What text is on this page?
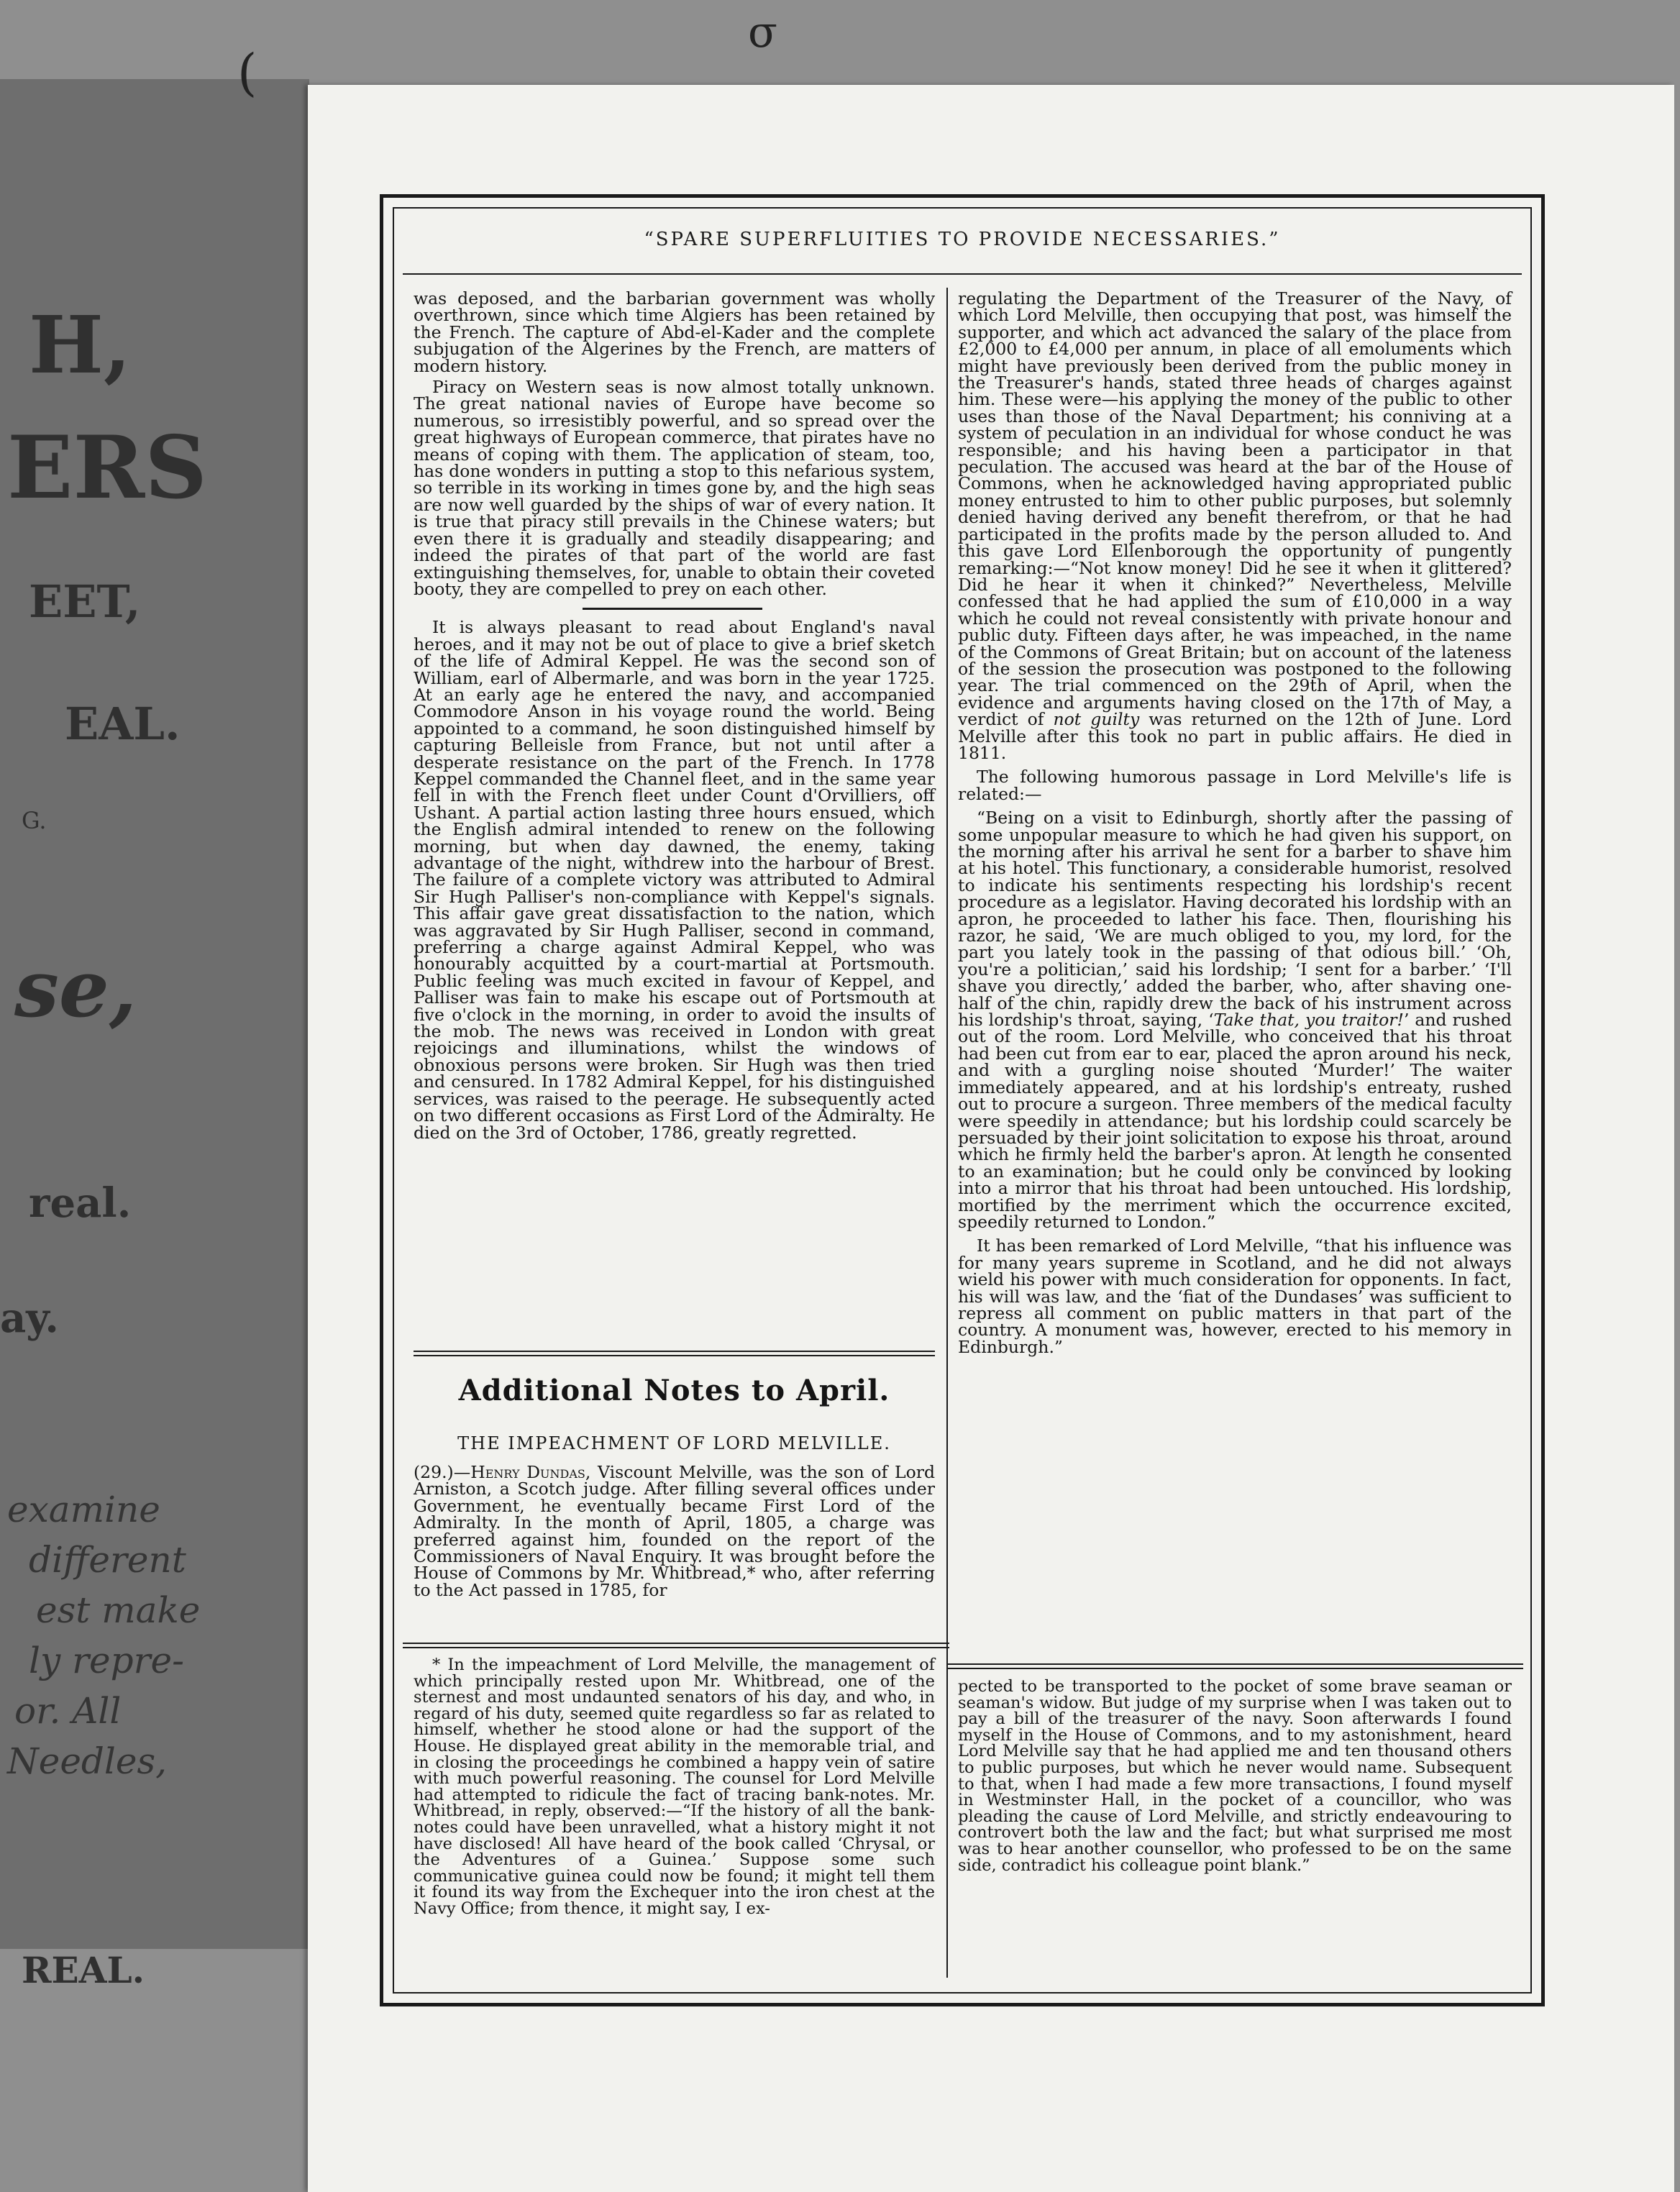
H,
ERS
EET,
EAL.
G.
se,
real.
ay.
examine
different
est make
ly repre-
or. All
Needles,
REAL.
σ
(
“SPARE SUPERFLUITIES TO PROVIDE NECESSARIES.”

was deposed, and the barbarian government was wholly overthrown, since which time Algiers has been retained by the French. The capture of Abd-el-Kader and the complete subjugation of the Algerines by the French, are matters of modern history.

Piracy on Western seas is now almost totally unknown. The great national navies of Europe have become so numerous, so irresistibly powerful, and so spread over the great highways of European commerce, that pirates have no means of coping with them. The application of steam, too, has done wonders in putting a stop to this nefarious system, so terrible in its working in times gone by, and the high seas are now well guarded by the ships of war of every nation. It is true that piracy still prevails in the Chinese waters; but even there it is gradually and steadily disappearing; and indeed the pirates of that part of the world are fast extinguishing themselves, for, unable to obtain their coveted booty, they are compelled to prey on each other.

It is always pleasant to read about England's naval heroes, and it may not be out of place to give a brief sketch of the life of Admiral Keppel. He was the second son of William, earl of Albermarle, and was born in the year 1725. At an early age he entered the navy, and accompanied Commodore Anson in his voyage round the world. Being appointed to a command, he soon distinguished himself by capturing Belleisle from France, but not until after a desperate resistance on the part of the French. In 1778 Keppel commanded the Channel fleet, and in the same year fell in with the French fleet under Count d'Orvilliers, off Ushant. A partial action lasting three hours ensued, which the English admiral intended to renew on the following morning, but when day dawned, the enemy, taking advantage of the night, withdrew into the harbour of Brest. The failure of a complete victory was attributed to Admiral Sir Hugh Palliser's non-compliance with Keppel's signals. This affair gave great dissatisfaction to the nation, which was aggravated by Sir Hugh Palliser, second in command, preferring a charge against Admiral Keppel, who was honourably acquitted by a court-martial at Portsmouth. Public feeling was much excited in favour of Keppel, and Palliser was fain to make his escape out of Portsmouth at five o'clock in the morning, in order to avoid the insults of the mob. The news was received in London with great rejoicings and illuminations, whilst the windows of obnoxious persons were broken. Sir Hugh was then tried and censured. In 1782 Admiral Keppel, for his distinguished services, was raised to the peerage. He subsequently acted on two different occasions as First Lord of the Admiralty. He died on the 3rd of October, 1786, greatly regretted.

Additional Notes to April.
THE IMPEACHMENT OF LORD MELVILLE.

(29.)—Henry Dundas, Viscount Melville, was the son of Lord Arniston, a Scotch judge. After filling several offices under Government, he eventually became First Lord of the Admiralty. In the month of April, 1805, a charge was preferred against him, founded on the report of the Commissioners of Naval Enquiry. It was brought before the House of Commons by Mr. Whitbread,* who, after referring to the Act passed in 1785, for

regulating the Department of the Treasurer of the Navy, of which Lord Melville, then occupying that post, was himself the supporter, and which act advanced the salary of the place from £2,000 to £4,000 per annum, in place of all emoluments which might have previously been derived from the public money in the Treasurer's hands, stated three heads of charges against him. These were—his applying the money of the public to other uses than those of the Naval Department; his conniving at a system of peculation in an individual for whose conduct he was responsible; and his having been a participator in that peculation. The accused was heard at the bar of the House of Commons, when he acknowledged having appropriated public money entrusted to him to other public purposes, but solemnly denied having derived any benefit therefrom, or that he had participated in the profits made by the person alluded to. And this gave Lord Ellenborough the opportunity of pungently remarking:—“Not know money! Did he see it when it glittered? Did he hear it when it chinked?” Nevertheless, Melville confessed that he had applied the sum of £10,000 in a way which he could not reveal consistently with private honour and public duty. Fifteen days after, he was impeached, in the name of the Commons of Great Britain; but on account of the lateness of the session the prosecution was postponed to the following year. The trial commenced on the 29th of April, when the evidence and arguments having closed on the 17th of May, a verdict of not guilty was returned on the 12th of June. Lord Melville after this took no part in public affairs. He died in 1811.

The following humorous passage in Lord Melville's life is related:—

“Being on a visit to Edinburgh, shortly after the passing of some unpopular measure to which he had given his support, on the morning after his arrival he sent for a barber to shave him at his hotel. This functionary, a considerable humorist, resolved to indicate his sentiments respecting his lordship's recent procedure as a legislator. Having decorated his lordship with an apron, he proceeded to lather his face. Then, flourishing his razor, he said, ‘We are much obliged to you, my lord, for the part you lately took in the passing of that odious bill.’ ‘Oh, you're a politician,’ said his lordship; ‘I sent for a barber.’ ‘I'll shave you directly,’ added the barber, who, after shaving one-half of the chin, rapidly drew the back of his instrument across his lordship's throat, saying, ‘Take that, you traitor!’ and rushed out of the room. Lord Melville, who conceived that his throat had been cut from ear to ear, placed the apron around his neck, and with a gurgling noise shouted ‘Murder!’ The waiter immediately appeared, and at his lordship's entreaty, rushed out to procure a surgeon. Three members of the medical faculty were speedily in attendance; but his lordship could scarcely be persuaded by their joint solicitation to expose his throat, around which he firmly held the barber's apron. At length he consented to an examination; but he could only be convinced by looking into a mirror that his throat had been untouched. His lordship, mortified by the merriment which the occurrence excited, speedily returned to London.”

It has been remarked of Lord Melville, “that his influence was for many years supreme in Scotland, and he did not always wield his power with much consideration for opponents. In fact, his will was law, and the ‘fiat of the Dundases’ was sufficient to repress all comment on public matters in that part of the country. A monument was, however, erected to his memory in Edinburgh.”

* In the impeachment of Lord Melville, the management of which principally rested upon Mr. Whitbread, one of the sternest and most undaunted senators of his day, and who, in regard of his duty, seemed quite regardless so far as related to himself, whether he stood alone or had the support of the House. He displayed great ability in the memorable trial, and in closing the proceedings he combined a happy vein of satire with much powerful reasoning. The counsel for Lord Melville had attempted to ridicule the fact of tracing bank-notes. Mr. Whitbread, in reply, observed:—“If the history of all the bank-notes could have been unravelled, what a history might it not have disclosed! All have heard of the book called ‘Chrysal, or the Adventures of a Guinea.’ Suppose some such communicative guinea could now be found; it might tell them it found its way from the Exchequer into the iron chest at the Navy Office; from thence, it might say, I ex-

pected to be transported to the pocket of some brave seaman or seaman's widow. But judge of my surprise when I was taken out to pay a bill of the treasurer of the navy. Soon afterwards I found myself in the House of Commons, and to my astonishment, heard Lord Melville say that he had applied me and ten thousand others to public purposes, but which he never would name. Subsequent to that, when I had made a few more transactions, I found myself in Westminster Hall, in the pocket of a councillor, who was pleading the cause of Lord Melville, and strictly endeavouring to controvert both the law and the fact; but what surprised me most was to hear another counsellor, who professed to be on the same side, contradict his colleague point blank.”
